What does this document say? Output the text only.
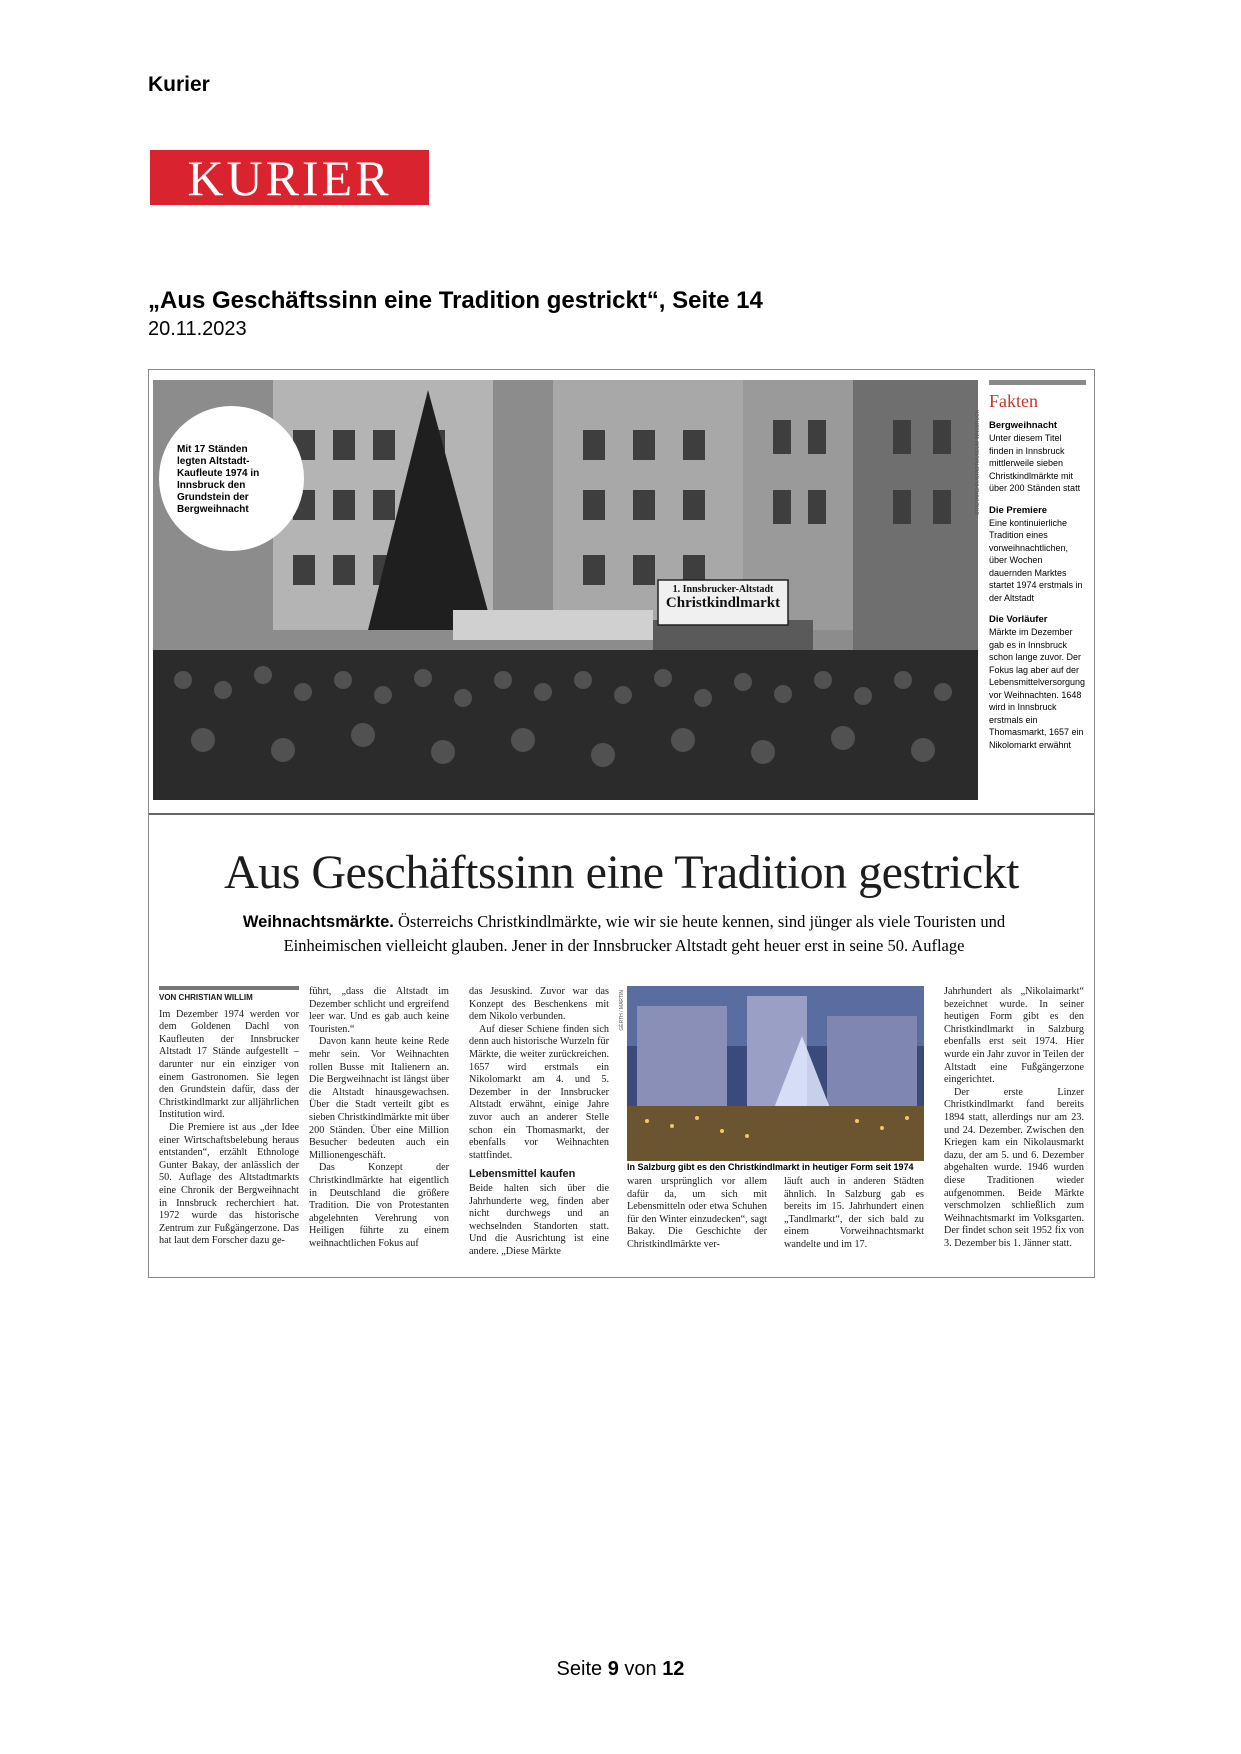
Kurier
KURIER
„Aus Geschäftssinn eine Tradition gestrickt“, Seite 14
20.11.2023
1. Innsbrucker-Altstadt
Christkindlmarkt
Mit 17 Ständen legten Altstadt-Kaufleute 1974 in Innsbruck den Grundstein der Bergweihnacht	STADTARCHIV/STADTMUSEUM INNSBRUCK
Fakten
Bergweihnacht
Unter diesem Titel finden in Innsbruck mittlerweile sieben Christkindlmärkte mit über 200 Ständen statt
Die Premiere
Eine kontinuierliche Tradition eines vorweihnachtlichen, über Wochen dauernden Marktes startet 1974 erstmals in der Altstadt
Die Vorläufer
Märkte im Dezember gab es in Innsbruck schon lange zuvor. Der Fokus lag aber auf der Lebensmittelversorgung vor Weihnachten. 1648 wird in Innsbruck erstmals ein Thomasmarkt, 1657 ein Nikolomarkt erwähnt
Aus Geschäftssinn eine Tradition gestrickt
Weihnachtsmärkte. Österreichs Christkindlmärkte, wie wir sie heute kennen, sind jünger als viele Touristen und Einheimischen vielleicht glauben. Jener in der Innsbrucker Altstadt geht heuer erst in seine 50. Auflage
VON CHRISTIAN WILLIM

Im Dezember 1974 werden vor dem Goldenen Dachl von Kaufleuten der Innsbrucker Altstadt 17 Stände aufgestellt – darunter nur ein einziger von einem Gastronomen. Sie legen den Grundstein dafür, dass der Christkindlmarkt zur alljährlichen Institution wird.

Die Premiere ist aus „der Idee einer Wirtschaftsbelebung heraus entstanden“, erzählt Ethnologe Gunter Bakay, der anlässlich der 50. Auflage des Altstadtmarkts eine Chronik der Bergweihnacht in Innsbruck recherchiert hat. 1972 wurde das historische Zentrum zur Fußgängerzone. Das hat laut dem Forscher dazu ge-

führt, „dass die Altstadt im Dezember schlicht und ergreifend leer war. Und es gab auch keine Touristen.“

Davon kann heute keine Rede mehr sein. Vor Weihnachten rollen Busse mit Italienern an. Die Bergweihnacht ist längst über die Altstadt hinausgewachsen. Über die Stadt verteilt gibt es sieben Christkindlmärkte mit über 200 Ständen. Über eine Million Besucher bedeuten auch ein Millionengeschäft.

Das Konzept der Christkindlmärkte hat eigentlich in Deutschland die größere Tradition. Die von Protestanten abgelehnten Verehrung von Heiligen führte zu einem weihnachtlichen Fokus auf

das Jesuskind. Zuvor war das Konzept des Beschenkens mit dem Nikolo verbunden.

Auf dieser Schiene finden sich denn auch historische Wurzeln für Märkte, die weiter zurückreichen. 1657 wird erstmals ein Nikolomarkt am 4. und 5. Dezember in der Innsbrucker Altstadt erwähnt, einige Jahre zuvor auch an anderer Stelle schon ein Thomasmarkt, der ebenfalls vor Weihnachten stattfindet.

Lebensmittel kaufen

Beide halten sich über die Jahrhunderte weg, finden aber nicht durchwegs und an wechselnden Standorten statt. Und die Ausrichtung ist eine andere. „Diese Märkte

GERTH / MARTIN
In Salzburg gibt es den Christkindlmarkt in heutiger Form seit 1974

waren ursprünglich vor allem dafür da, um sich mit Lebensmitteln oder etwa Schuhen für den Winter einzudecken“, sagt Bakay. Die Geschichte der Christkindlmärkte ver-

läuft auch in anderen Städten ähnlich. In Salzburg gab es bereits im 15. Jahrhundert einen „Tandlmarkt“, der sich bald zu einem Vorweihnachtsmarkt wandelte und im 17.

Jahrhundert als „Nikolaimarkt“ bezeichnet wurde. In seiner heutigen Form gibt es den Christkindlmarkt in Salzburg ebenfalls erst seit 1974. Hier wurde ein Jahr zuvor in Teilen der Altstadt eine Fußgängerzone eingerichtet.

Der erste Linzer Christkindlmarkt fand bereits 1894 statt, allerdings nur am 23. und 24. Dezember. Zwischen den Kriegen kam ein Nikolausmarkt dazu, der am 5. und 6. Dezember abgehalten wurde. 1946 wurden diese Traditionen wieder aufgenommen. Beide Märkte verschmolzen schließlich zum Weihnachtsmarkt im Volksgarten. Der findet schon seit 1952 fix von 3. Dezember bis 1. Jänner statt.

Seite 9 von 12
